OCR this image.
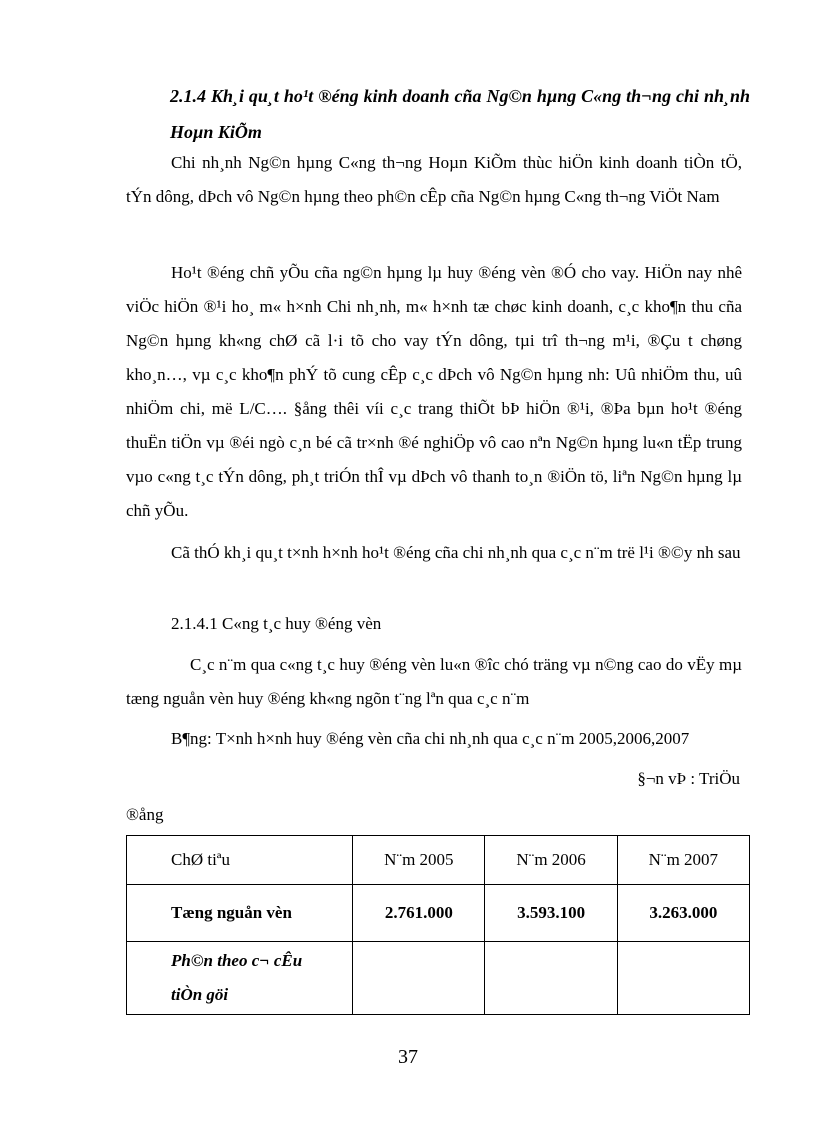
2.1.4 Kh¸i qu¸t ho¹t ®éng kinh doanh cña Ng©n hµng C«ng th¬ng chi nh¸nh Hoµn KiÕm
Chi nh¸nh Ng©n hµng C«ng th¬ng Hoµn KiÕm thùc hiÖn kinh doanh tiÒn tÖ, tÝn dông, dÞch vô Ng©n hµng theo ph©n cÊp cña Ng©n hµng C«ng th¬ng ViÖt Nam
Ho¹t ®éng chñ yÕu cña ng©n hµng lµ huy ®éng vèn ®Ó cho vay. HiÖn nay nhê viÖc hiÖn ®¹i ho¸ m« h×nh Chi nh¸nh, m« h×nh tæ chøc kinh doanh, c¸c kho¶n thu cña Ng©n hµng kh«ng chØ cã l·i tõ cho vay tÝn dông, tµi trî th¬ng m¹i, ®Çu t chøng kho¸n…, vµ c¸c kho¶n phÝ tõ cung cÊp c¸c dÞch vô Ng©n hµng nh: Uû nhiÖm thu, uû nhiÖm chi, më L/C…. §ång thêi víi c¸c trang thiÕt bÞ hiÖn ®¹i, ®Þa bµn ho¹t ®éng thuËn tiÖn vµ ®éi ngò c¸n bé cã tr×nh ®é nghiÖp vô cao nªn Ng©n hµng lu«n tËp trung vµo c«ng t¸c tÝn dông, ph¸t triÓn thÎ vµ dÞch vô thanh to¸n ®iÖn tö, liªn Ng©n hµng lµ chñ yÕu.
Cã thÓ kh¸i qu¸t t×nh h×nh ho¹t ®éng cña chi nh¸nh qua c¸c n¨m trë l¹i ®©y nh sau
2.1.4.1 C«ng t¸c huy ®éng vèn
C¸c n¨m qua c«ng t¸c huy ®éng vèn lu«n ®îc chó träng vµ n©ng cao do vËy mµ tæng nguån vèn huy ®éng kh«ng ngõn t¨ng lªn qua c¸c n¨m
B¶ng: T×nh h×nh huy ®éng vèn cña chi nh¸nh qua c¸c n¨m 2005,2006,2007
§¬n vÞ : TriÖu
®ång
ChØ tiªu	N¨m 2005	N¨m 2006	N¨m 2007
Tæng nguån vèn	2.761.000	3.593.100	3.263.000

Ph©n theo c¬ cÊu
tiÒn göi			

37
